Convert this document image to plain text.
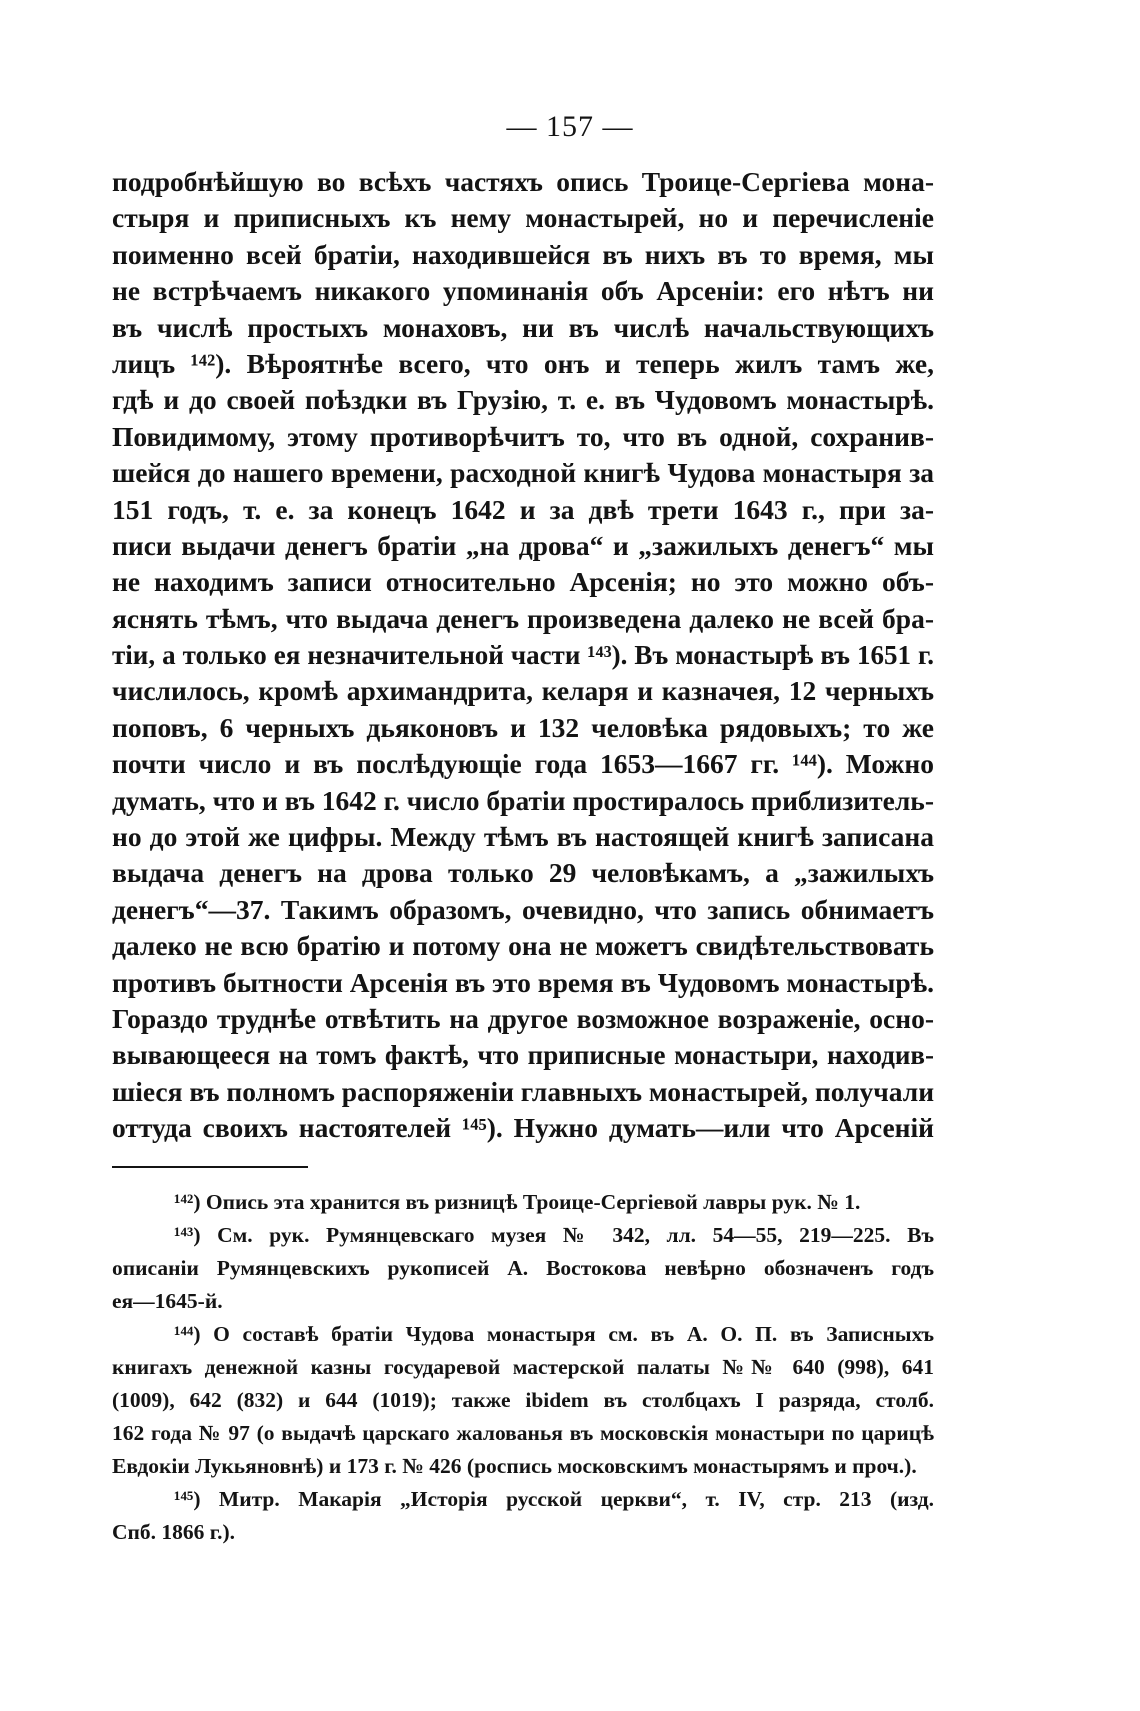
— 157 —
подробнѣйшую во всѣхъ частяхъ опись Троице-Сергіева мона-
стыря и приписныхъ къ нему монастырей, но и перечисленіе
поименно всей братіи, находившейся въ нихъ въ то время, мы
не встрѣчаемъ никакого упоминанія объ Арсеніи: его нѣтъ ни
въ числѣ простыхъ монаховъ, ни въ числѣ начальствующихъ
лицъ ¹⁴²). Вѣроятнѣе всего, что онъ и теперь жилъ тамъ же,
гдѣ и до своей поѣздки въ Грузію, т. е. въ Чудовомъ монастырѣ.
Повидимому, этому противорѣчитъ то, что въ одной, сохранив-
шейся до нашего времени, расходной книгѣ Чудова монастыря за
151 годъ, т. е. за конецъ 1642 и за двѣ трети 1643 г., при за-
писи выдачи денегъ братіи „на дрова“ и „зажилыхъ денегъ“ мы
не находимъ записи относительно Арсенія; но это можно объ-
яснять тѣмъ, что выдача денегъ произведена далеко не всей бра-
тіи, а только ея незначительной части ¹⁴³). Въ монастырѣ въ 1651 г.
числилось, кромѣ архимандрита, келаря и казначея, 12 черныхъ
поповъ, 6 черныхъ дьяконовъ и 132 человѣка рядовыхъ; то же
почти число и въ послѣдующіе года 1653—1667 гг. ¹⁴⁴). Можно
думать, что и въ 1642 г. число братіи простиралось приблизитель-
но до этой же цифры. Между тѣмъ въ настоящей книгѣ записана
выдача денегъ на дрова только 29 человѣкамъ, а „зажилыхъ
денегъ“—37. Такимъ образомъ, очевидно, что запись обнимаетъ
далеко не всю братію и потому она не можетъ свидѣтельствовать
противъ бытности Арсенія въ это время въ Чудовомъ монастырѣ.
Гораздо труднѣе отвѣтить на другое возможное возраженіе, осно-
вывающееся на томъ фактѣ, что приписные монастыри, находив-
шіеся въ полномъ распоряженіи главныхъ монастырей, получали
оттуда своихъ настоятелей ¹⁴⁵). Нужно думать—или что Арсеній
¹⁴²) Опись эта хранится въ ризницѣ Троице-Сергіевой лавры рук. № 1.
¹⁴³) См. рук. Румянцевскаго музея № 342, лл. 54—55, 219—225. Въ
описаніи Румянцевскихъ рукописей А. Востокова невѣрно обозначенъ годъ
ея—1645-й.
¹⁴⁴) О составѣ братіи Чудова монастыря см. въ А. О. П. въ Записныхъ
книгахъ денежной казны государевой мастерской палаты №№ 640 (998), 641
(1009), 642 (832) и 644 (1019); также ibidem въ столбцахъ I разряда, столб.
162 года № 97 (о выдачѣ царскаго жалованья въ московскія монастыри по царицѣ
Евдокіи Лукьяновнѣ) и 173 г. № 426 (роспись московскимъ монастырямъ и проч.).
¹⁴⁵) Митр. Макарія „Исторія русской церкви“, т. IV, стр. 213 (изд.
Спб. 1866 г.).
